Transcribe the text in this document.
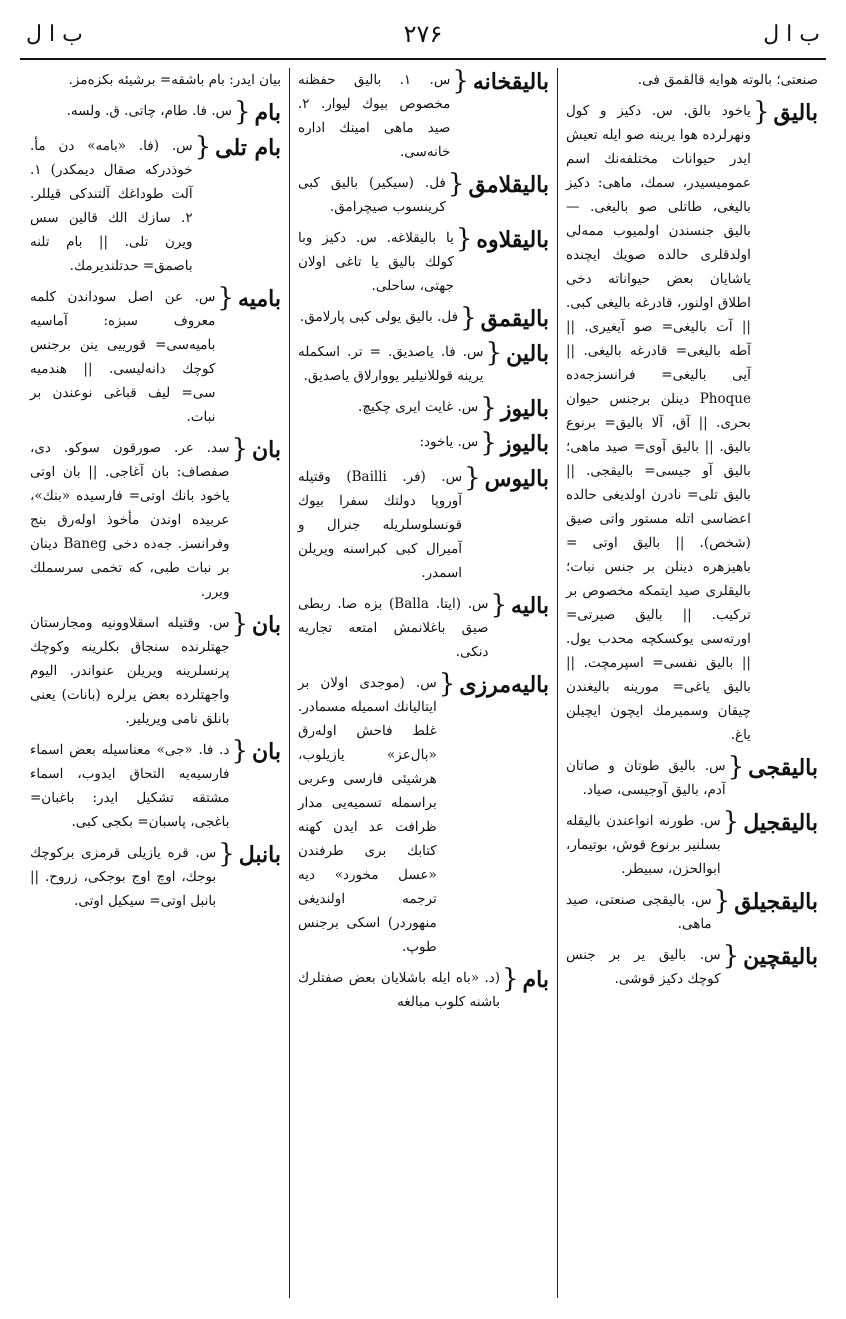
ب ا ل
۲۷۶
ب ا ل
صنعتی؛ بالوته هوایه قالقمق فی.
بالیق
{
یاخود بالق. س. دکیز و کول ونهرلرده هوا یرینه صو ایله تعیش ایدر حیوانات مختلفه‌نك اسم عمومیسیدر، سمك، ماهی: دکیز بالیغی، طاتلی صو بالیغی. — بالیق جنسندن اولمیوب ممه‌لی اولدقلری حالده صویك ایچنده یاشایان بعض حیواناته دخی اطلاق اولنور، قادرغه بالیغی کبی. || آت بالیغی= صو آیغیری. || آطه بالیغی= قادرغه بالیغی. || آیی بالیغی= فرانسزجه‌ده Phoque دینلن برجنس حیوان بحری. || آق، آلا بالیق= برنوع بالیق. || بالیق آوی= صید ماهی؛ بالیق آو جیسی= بالیقجی. || بالیق تلی= نادرن اولدیغی حالده اعضاسی اتله مستور واتی صیق (شخص). || بالیق اوتی = باهیزهره دینلن بر جنس نبات؛ بالیقلری صید ایتمکه مخصوص بر ترکیب. || بالیق صیرتی= اورته‌سی یوکسکچه محدب یول. || بالیق نفسی= اسپرمچت. || بالیق یاغی= مورینه بالیغندن چیقان وسمیرمك ایچون ایچیلن یاغ.
بالیقجی
{
س. بالیق طوتان و صاتان آدم، بالیق آوجیسی، صیاد.
بالیقجیل
{
س. طورنه انواعندن بالیقله بسلنیر برنوع قوش، بوتیمار، ابوالحزن، سبیطر.
بالیقجیلق
{
س. بالیقجی صنعتی، صید ماهی.
بالیقچین
{
س. بالیق یر بر جنس کوچك دکیز قوشی.
بالیقخانه
{
س. ۱. بالیق حفظنه مخصوص بیوك لیوار. ۲. صید ماهی امینك اداره خانه‌سی.
بالیقلامق
{
فل. (سیکیر) بالیق کبی کرینسوب صیچرامق.
بالیقلاوه
{
یا بالیقلاغه. س. دکیز وبا کولك بالیق یا تاغی اولان جهتی، ساحلی.
بالیقمق
{
فل. بالیق یولی کبی پارلامق.
بالین
{
س. فا. یاصدیق. = تر. اسکمله یرینه قوللانیلیر یووارلاق یاصدیق.
بالیوز
{
س. غایت ایری چکیچ.
بالیوز
{
س. یاخود:
بالیوس
{
س. (فر. Bailli) وقتیله آوروپا دولتك سفرا بیوك قونسلوسلریله جنرال و آمیرال کبی کبرا‌سنه ویریلن اسمدر.
بالیه
{
س. (ایتا. Balla) بزه صا. ربطی صیق باغلانمش امتعه تجاریه دنکی.
بالیه‌مرزی
{
س. (موجدی اولان بر ایتالیانك اسمیله مسمادر. غلط فاحش اولەرق «بال‌عز» یازیلوب، هرشیئی فارسی وعربی براسمله تسمیه‌یی مدار ظرافت عد ایدن کهنه کتابك بری طرفندن «عسل مخورد» دیه ترجمه اولندیغی منهوردر) اسکی برجنس طوپ.
بام
{
(د. «باه ایله باشلایان بعض صفتلرك باشنه کلوب مبالغه
بیان ایدر: بام باشقه= برشیئه بکزه‌مز.
بام
{
س. فا. طام، چاتی. ق. ولسه.
بام تلی
{
س. (فا. «بامه» دن مأ. خوذدرکه صقال دیمکدر) ۱. آلت طوداغك آلتندکی قیللر. ۲. سازك الك قالین سس ویرن تلی. || بام تلنه باصمق= حدتلندیرمك.
بامیه
{
س. عن اصل سوداندن کلمه معروف سبزه: آماسیه بامیه‌سی= قورییی ینن برجنس کوچك دانه‌لیسی. || هندمیه سی= لیف قباغی نوعندن بر نبات.
بان
{
سد. عر. صورقون سوکو. دی، صفصاف: بان آغاجی. || بان اوتی یاخود بانك اوتی= فارسیده «بنك»، عربیده اوندن مأخوذ اوله‌رق بنج وفرانسز. جه‌ده دخی Baneg دینان بر نبات طبی، که تخمی سرسملك ویرر.
بان
{
س. وقتیله اسقلاوونیه ومجارستان جهتلرنده سنجاق بکلرینه وکوچك پرنسلرینه ویریلن عنواندر. الیوم واجهتلرده بعض یرلره (بانات) یعنی بانلق نامی ویریلیر.
بان
{
د. فا. «جی» معناسیله بعض اسماء فارسیه‌یه التحاق ایدوب، اسماء مشتقه تشکیل ایدر: باغبان= باغجی، پاسبان= بکجی کبی.
بانبل
{
س. قره یازیلی قرمزی برکوچك بوجك، اوچ اوج بوجکی، زروح. || بانبل اوتی= سیکیل اوتی.
